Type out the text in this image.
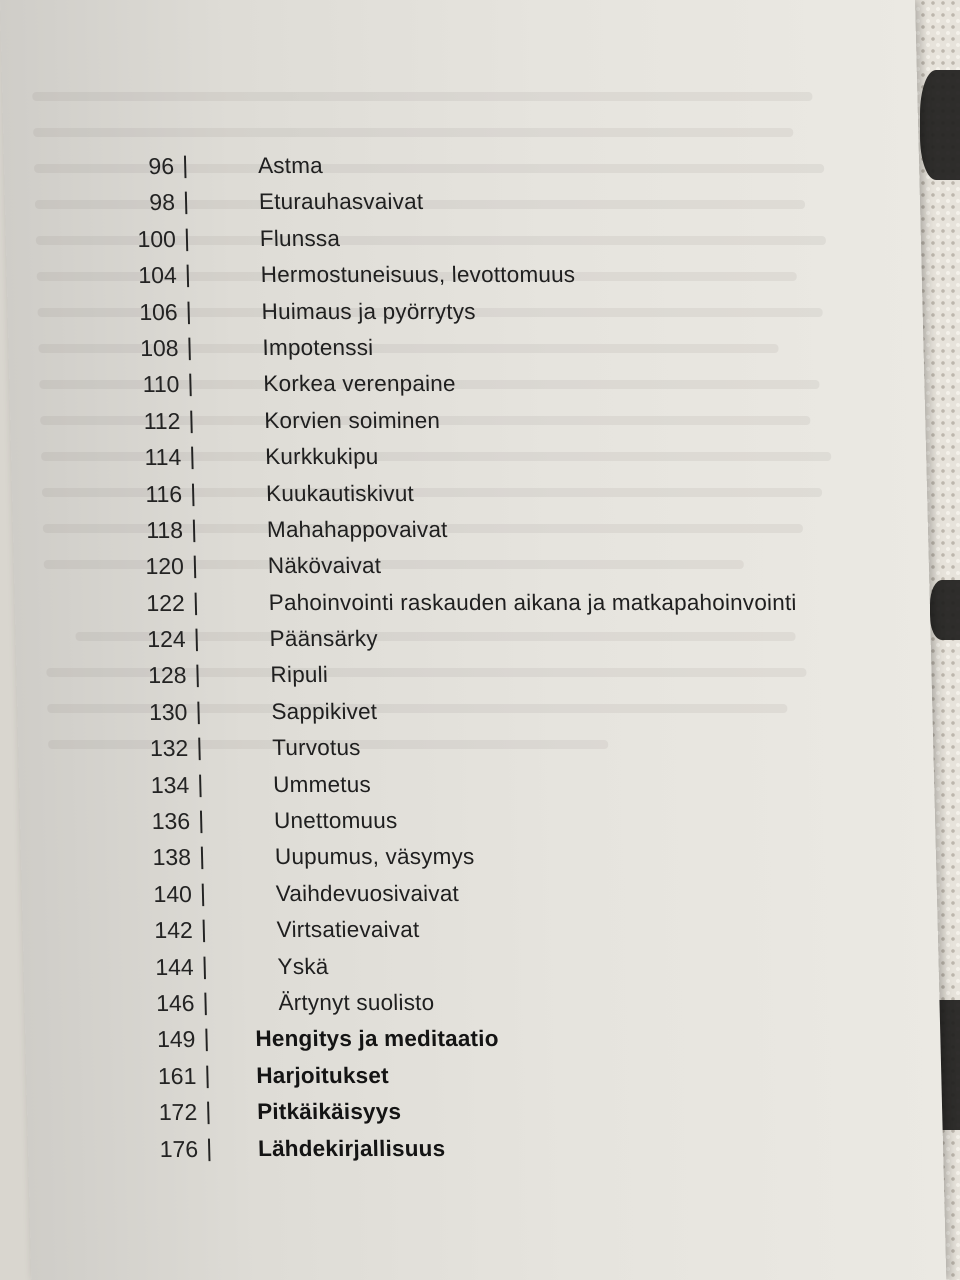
96 |	Astma
98 |	Eturauhasvaivat
100 |	Flunssa
104 |	Hermostuneisuus, levottomuus
106 |	Huimaus ja pyörrytys
108 |	Impotenssi
110 |	Korkea verenpaine
112 |	Korvien soiminen
114 |	Kurkkukipu
116 |	Kuukautiskivut
118 |	Mahahappovaivat
120 |	Näkövaivat
122 |	Pahoinvointi raskauden aikana ja matkapahoinvointi
124 |	Päänsärky
128 |	Ripuli
130 |	Sappikivet
132 |	Turvotus
134 |	Ummetus
136 |	Unettomuus
138 |	Uupumus, väsymys
140 |	Vaihdevuosivaivat
142 |	Virtsatievaivat
144 |	Yskä
146 |	Ärtynyt suolisto
149 | Hengitys ja meditaatio
161 | Harjoitukset
172 | Pitkäikäisyys
176 | Lähdekirjallisuus
